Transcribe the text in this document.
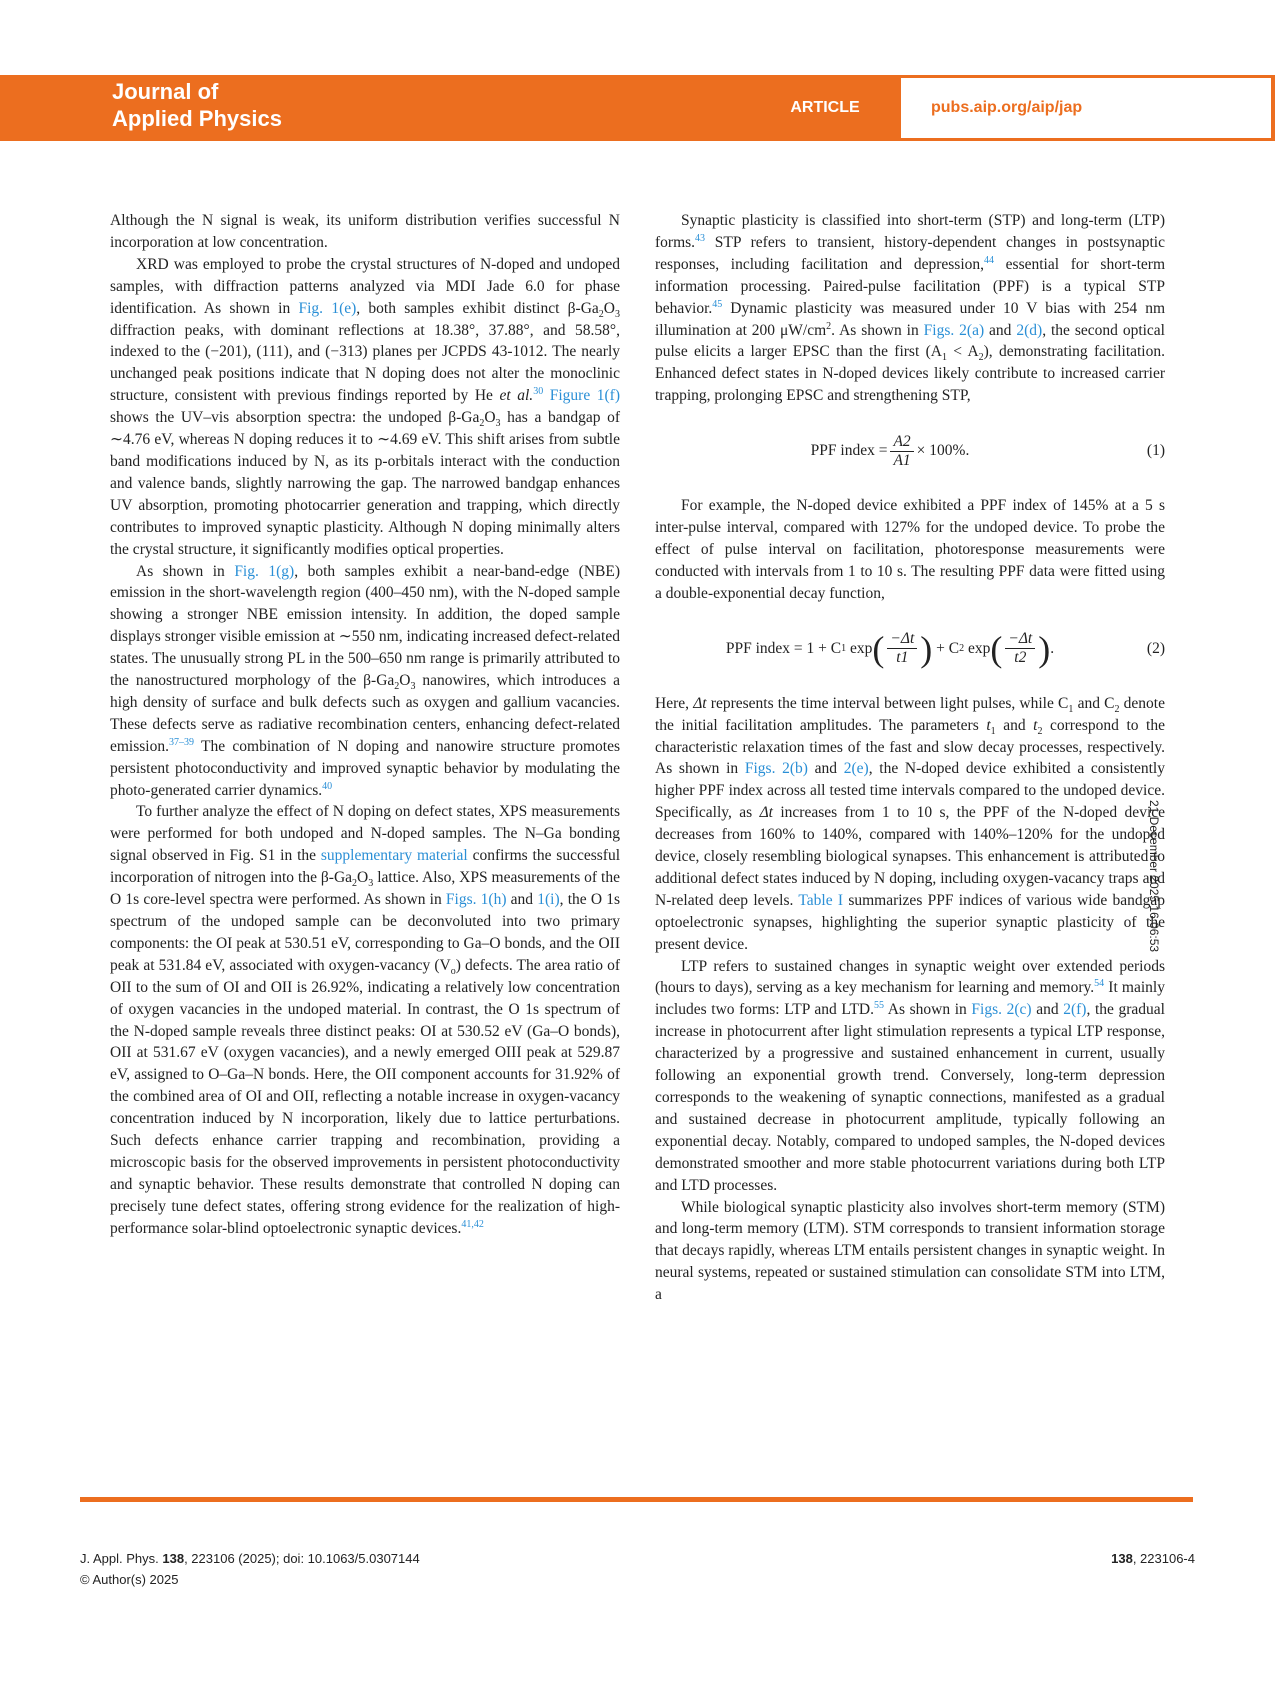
Journal of
Applied Physics	ARTICLE	pubs.aip.org/aip/jap

Although the N signal is weak, its uniform distribution verifies successful N incorporation at low concentration.

XRD was employed to probe the crystal structures of N-doped and undoped samples, with diffraction patterns analyzed via MDI Jade 6.0 for phase identification. As shown in Fig. 1(e), both samples exhibit distinct $\beta-Ga_2O_3$ diffraction peaks, with dominant reflections at 18.38°, 37.88°, and 58.58°, indexed to the (−201), (111), and (−313) planes per JCPDS 43-1012. The nearly unchanged peak positions indicate that N doping does not alter the monoclinic structure, consistent with previous findings reported by He et al.$^{30}$ Figure 1(f) shows the UV–vis absorption spectra: the undoped $\beta-Ga_2O_3$ has a bandgap of ∼4.76 eV, whereas N doping reduces it to ∼4.69 eV. This shift arises from subtle band modifications induced by N, as its p-orbitals interact with the conduction and valence bands, slightly narrowing the gap. The narrowed bandgap enhances UV absorption, promoting photocarrier generation and trapping, which directly contributes to improved synaptic plasticity. Although N doping minimally alters the crystal structure, it significantly modifies optical properties.

As shown in Fig. 1(g), both samples exhibit a near-band-edge (NBE) emission in the short-wavelength region (400–450 nm), with the N-doped sample showing a stronger NBE emission intensity. In addition, the doped sample displays stronger visible emission at ∼550 nm, indicating increased defect-related states. The unusually strong PL in the 500–650 nm range is primarily attributed to the nanostructured morphology of the $\beta-Ga_2O_3$ nanowires, which introduces a high density of surface and bulk defects such as oxygen and gallium vacancies. These defects serve as radiative recombination centers, enhancing defect-related emission.$^{37-39}$ The combination of N doping and nanowire structure promotes persistent photoconductivity and improved synaptic behavior by modulating the photo-generated carrier dynamics.$^{40}$

To further analyze the effect of N doping on defect states, XPS measurements were performed for both undoped and N-doped samples. The N–Ga bonding signal observed in Fig. S1 in the supplementary material confirms the successful incorporation of nitrogen into the $\beta-Ga_2O_3$ lattice. Also, XPS measurements of the O 1s core-level spectra were performed. As shown in Figs. 1(h) and 1(i), the O 1s spectrum of the undoped sample can be deconvoluted into two primary components: the OI peak at 530.51 eV, corresponding to Ga–O bonds, and the OII peak at 531.84 eV, associated with oxygen-vacancy $(V_o)$ defects. The area ratio of OII to the sum of OI and OII is 26.92%, indicating a relatively low concentration of oxygen vacancies in the undoped material. In contrast, the O 1s spectrum of the N-doped sample reveals three distinct peaks: OI at 530.52 eV (Ga–O bonds), OII at 531.67 eV (oxygen vacancies), and a newly emerged OIII peak at 529.87 eV, assigned to O–Ga–N bonds. Here, the OII component accounts for 31.92% of the combined area of OI and OII, reflecting a notable increase in oxygen-vacancy concentration induced by N incorporation, likely due to lattice perturbations. Such defects enhance carrier trapping and recombination, providing a microscopic basis for the observed improvements in persistent photoconductivity and synaptic behavior. These results demonstrate that controlled N doping can precisely tune defect states, offering strong evidence for the realization of high-performance solar-blind optoelectronic synaptic devices.$^{41,42}$

Synaptic plasticity is classified into short-term (STP) and long-term (LTP) forms.$^{43}$ STP refers to transient, history-dependent changes in postsynaptic responses, including facilitation and depression,$^{44}$ essential for short-term information processing. Paired-pulse facilitation (PPF) is a typical STP behavior.$^{45}$ Dynamic plasticity was measured under 10 V bias with 254 nm illumination at 200 $\mu W/cm^2$. As shown in Figs. 2(a) and 2(d), the second optical pulse elicits a larger EPSC than the first $(A_1 < A_2)$, demonstrating facilitation. Enhanced defect states in N-doped devices likely contribute to increased carrier trapping, prolonging EPSC and strengthening STP,

PPF index = $\frac{A2}{A1} \times 100\%$.	(1)

For example, the N-doped device exhibited a PPF index of 145% at a 5 s inter-pulse interval, compared with 127% for the undoped device. To probe the effect of pulse interval on facilitation, photoresponse measurements were conducted with intervals from 1 to 10 s. The resulting PPF data were fitted using a double-exponential decay function,

PPF index = 1 + C 1
exp ( $\frac{-\Delta t}{t1}$ )
+ C 2
exp ( $\frac{-\Delta t}{t2}$ ) .	(2)

Here, Δt represents the time interval between light pulses, while $C_1$ and $C_2$ denote the initial facilitation amplitudes. The parameters $t_1$ and $t_2$ correspond to the characteristic relaxation times of the fast and slow decay processes, respectively. As shown in Figs. 2(b) and 2(e), the N-doped device exhibited a consistently higher PPF index across all tested time intervals compared to the undoped device. Specifically, as Δt increases from 1 to 10 s, the PPF of the N-doped device decreases from 160% to 140%, compared with 140%–120% for the undoped device, closely resembling biological synapses. This enhancement is attributed to additional defect states induced by N doping, including oxygen-vacancy traps and N-related deep levels. Table I summarizes PPF indices of various wide bandgap optoelectronic synapses, highlighting the superior synaptic plasticity of the present device.

LTP refers to sustained changes in synaptic weight over extended periods (hours to days), serving as a key mechanism for learning and memory.$^{54}$ It mainly includes two forms: LTP and LTD.$^{55}$ As shown in Figs. 2(c) and 2(f), the gradual increase in photocurrent after light stimulation represents a typical LTP response, characterized by a progressive and sustained enhancement in current, usually following an exponential growth trend. Conversely, long-term depression corresponds to the weakening of synaptic connections, manifested as a gradual and sustained decrease in photocurrent amplitude, typically following an exponential decay. Notably, compared to undoped samples, the N-doped devices demonstrated smoother and more stable photocurrent variations during both LTP and LTD processes.

While biological synaptic plasticity also involves short-term memory (STM) and long-term memory (LTM). STM corresponds to transient information storage that decays rapidly, whereas LTM entails persistent changes in synaptic weight. In neural systems, repeated or sustained stimulation can consolidate STM into LTM, a

21 December 2025 16:06:53
J. Appl. Phys. 138, 223106 (2025); doi: 10.1063/5.0307144
© Author(s) 2025
138, 223106-4
